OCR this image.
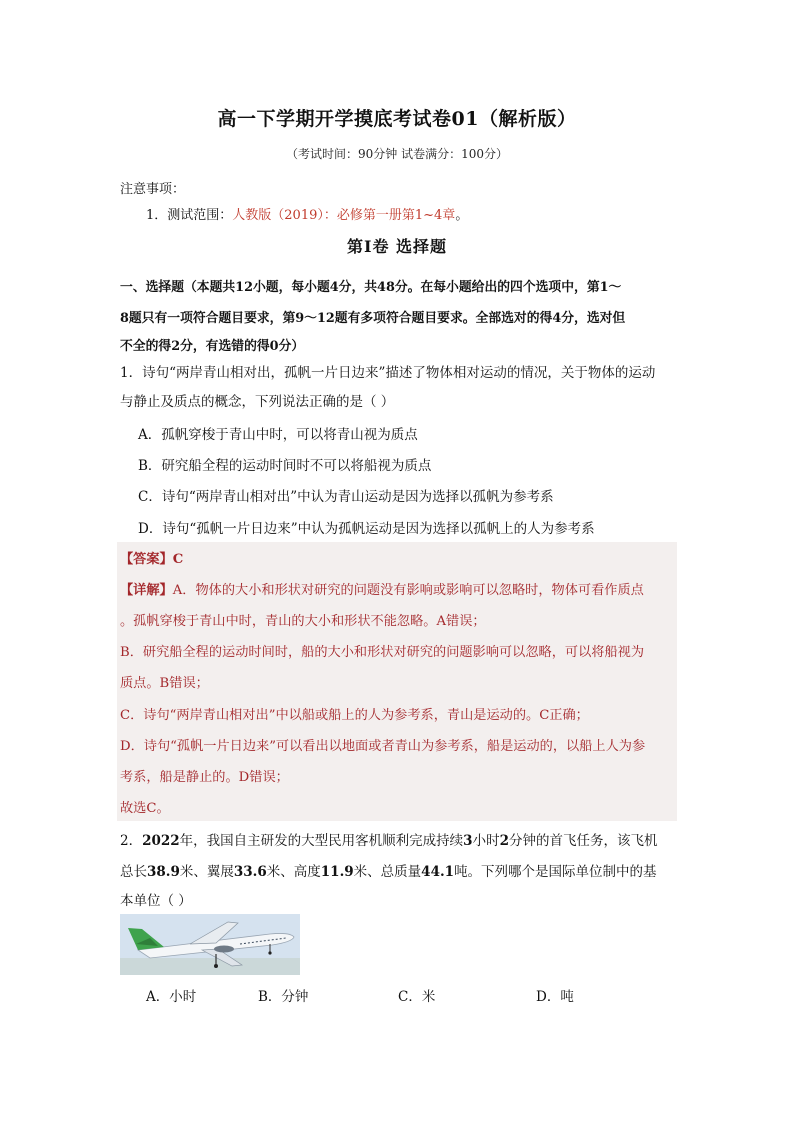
高一下学期开学摸底考试卷01（解析版）
（考试时间：90分钟 试卷满分：100分）
注意事项：
1．测试范围：人教版（2019）：必修第一册第1~4章。
第Ⅰ卷 选择题
一、选择题（本题共12小题，每小题4分，共48分。在每小题给出的四个选项中，第1～
8题只有一项符合题目要求，第9～12题有多项符合题目要求。全部选对的得4分，选对但
不全的得2分，有选错的得0分）
1．诗句“两岸青山相对出，孤帆一片日边来”描述了物体相对运动的情况，关于物体的运动
与静止及质点的概念，下列说法正确的是（ ）
A．孤帆穿梭于青山中时，可以将青山视为质点
B．研究船全程的运动时间时不可以将船视为质点
C．诗句“两岸青山相对出”中认为青山运动是因为选择以孤帆为参考系
D．诗句“孤帆一片日边来”中认为孤帆运动是因为选择以孤帆上的人为参考系
【答案】C
【详解】A．物体的大小和形状对研究的问题没有影响或影响可以忽略时，物体可看作质点
。孤帆穿梭于青山中时，青山的大小和形状不能忽略。A错误；
B．研究船全程的运动时间时，船的大小和形状对研究的问题影响可以忽略，可以将船视为
质点。B错误；
C．诗句“两岸青山相对出”中以船或船上的人为参考系，青山是运动的。C正确；
D．诗句“孤帆一片日边来”可以看出以地面或者青山为参考系，船是运动的，以船上人为参
考系，船是静止的。D错误；
故选C。
2．2022年，我国自主研发的大型民用客机顺利完成持续3小时2分钟的首飞任务，该飞机
总长38.9米、翼展33.6米、高度11.9米、总质量44.1吨。下列哪个是国际单位制中的基
本单位（ ）
A．小时	B．分钟	C．米	D．吨
